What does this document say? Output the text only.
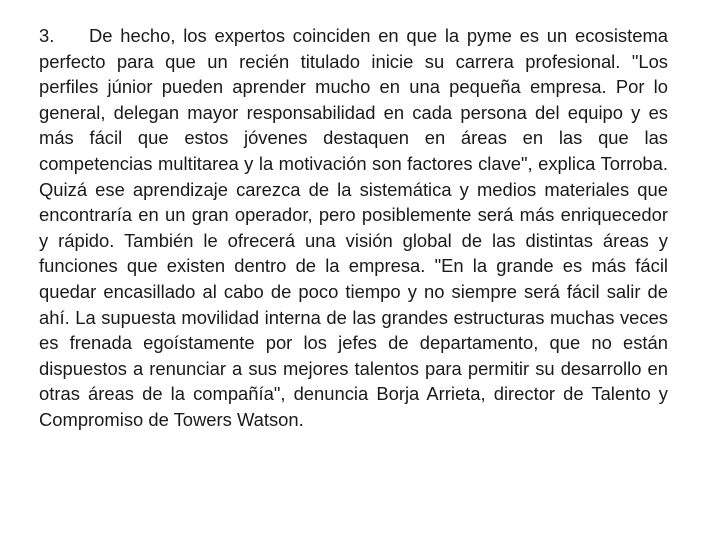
3. De hecho, los expertos coinciden en que la pyme es un ecosistema perfecto para que un recién titulado inicie su carrera profesional. "Los perfiles júnior pueden aprender mucho en una pequeña empresa. Por lo general, delegan mayor responsabilidad en cada persona del equipo y es más fácil que estos jóvenes destaquen en áreas en las que las competencias multitarea y la motivación son factores clave", explica Torroba. Quizá ese aprendizaje carezca de la sistemática y medios materiales que encontraría en un gran operador, pero posiblemente será más enriquecedor y rápido. También le ofrecerá una visión global de las distintas áreas y funciones que existen dentro de la empresa. "En la grande es más fácil quedar encasillado al cabo de poco tiempo y no siempre será fácil salir de ahí. La supuesta movilidad interna de las grandes estructuras muchas veces es frenada egoístamente por los jefes de departamento, que no están dispuestos a renunciar a sus mejores talentos para permitir su desarrollo en otras áreas de la compañía", denuncia Borja Arrieta, director de Talento y Compromiso de Towers Watson.
